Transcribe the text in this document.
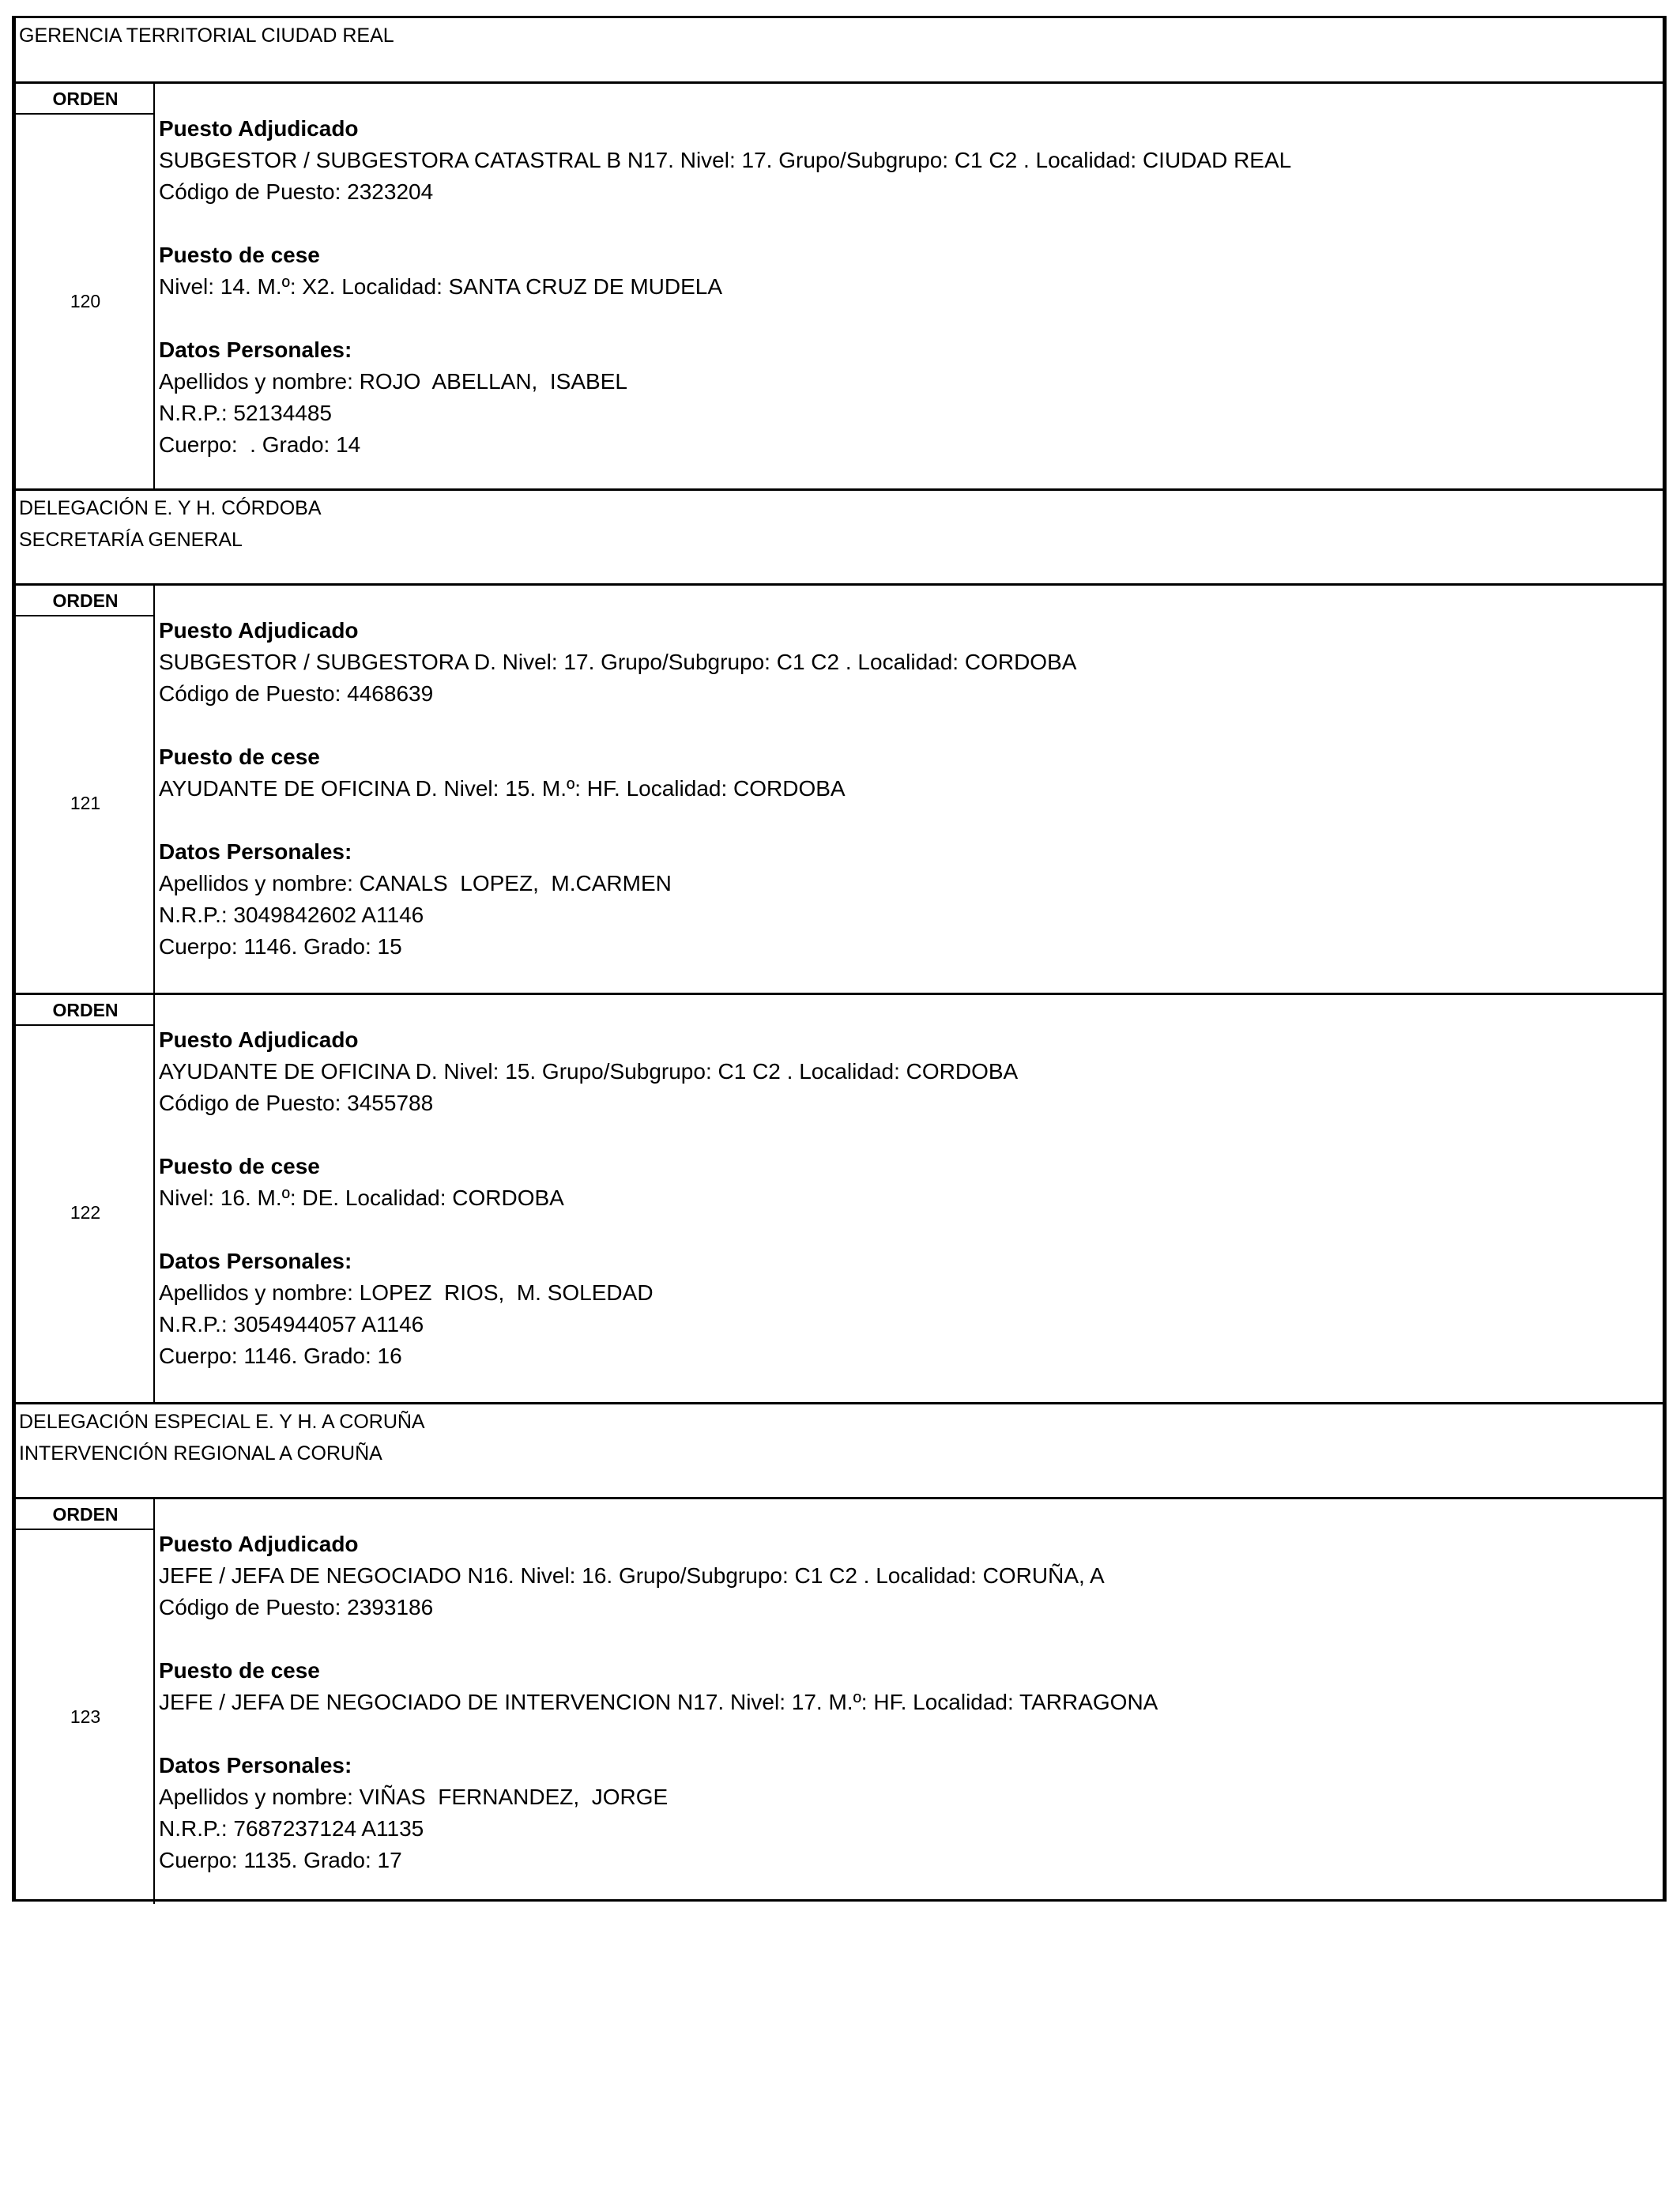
GERENCIA TERRITORIAL CIUDAD REAL
ORDEN
120
Puesto Adjudicado
SUBGESTOR / SUBGESTORA CATASTRAL B N17. Nivel: 17. Grupo/Subgrupo: C1 C2 . Localidad: CIUDAD REAL
Código de Puesto: 2323204
Puesto de cese
Nivel: 14. M.º: X2. Localidad: SANTA CRUZ DE MUDELA
Datos Personales:
Apellidos y nombre: ROJO  ABELLAN,  ISABEL
N.R.P.: 52134485
Cuerpo:  . Grado: 14
DELEGACIÓN E. Y H. CÓRDOBA
SECRETARÍA GENERAL
ORDEN
121
Puesto Adjudicado
SUBGESTOR / SUBGESTORA D. Nivel: 17. Grupo/Subgrupo: C1 C2 . Localidad: CORDOBA
Código de Puesto: 4468639
Puesto de cese
AYUDANTE DE OFICINA D. Nivel: 15. M.º: HF. Localidad: CORDOBA
Datos Personales:
Apellidos y nombre: CANALS  LOPEZ,  M.CARMEN
N.R.P.: 3049842602 A1146
Cuerpo: 1146. Grado: 15
ORDEN
122
Puesto Adjudicado
AYUDANTE DE OFICINA D. Nivel: 15. Grupo/Subgrupo: C1 C2 . Localidad: CORDOBA
Código de Puesto: 3455788
Puesto de cese
Nivel: 16. M.º: DE. Localidad: CORDOBA
Datos Personales:
Apellidos y nombre: LOPEZ  RIOS,  M. SOLEDAD
N.R.P.: 3054944057 A1146
Cuerpo: 1146. Grado: 16
DELEGACIÓN ESPECIAL E. Y H. A CORUÑA
INTERVENCIÓN REGIONAL A CORUÑA
ORDEN
123
Puesto Adjudicado
JEFE / JEFA DE NEGOCIADO N16. Nivel: 16. Grupo/Subgrupo: C1 C2 . Localidad: CORUÑA, A
Código de Puesto: 2393186
Puesto de cese
JEFE / JEFA DE NEGOCIADO DE INTERVENCION N17. Nivel: 17. M.º: HF. Localidad: TARRAGONA
Datos Personales:
Apellidos y nombre: VIÑAS  FERNANDEZ,  JORGE
N.R.P.: 7687237124 A1135
Cuerpo: 1135. Grado: 17
